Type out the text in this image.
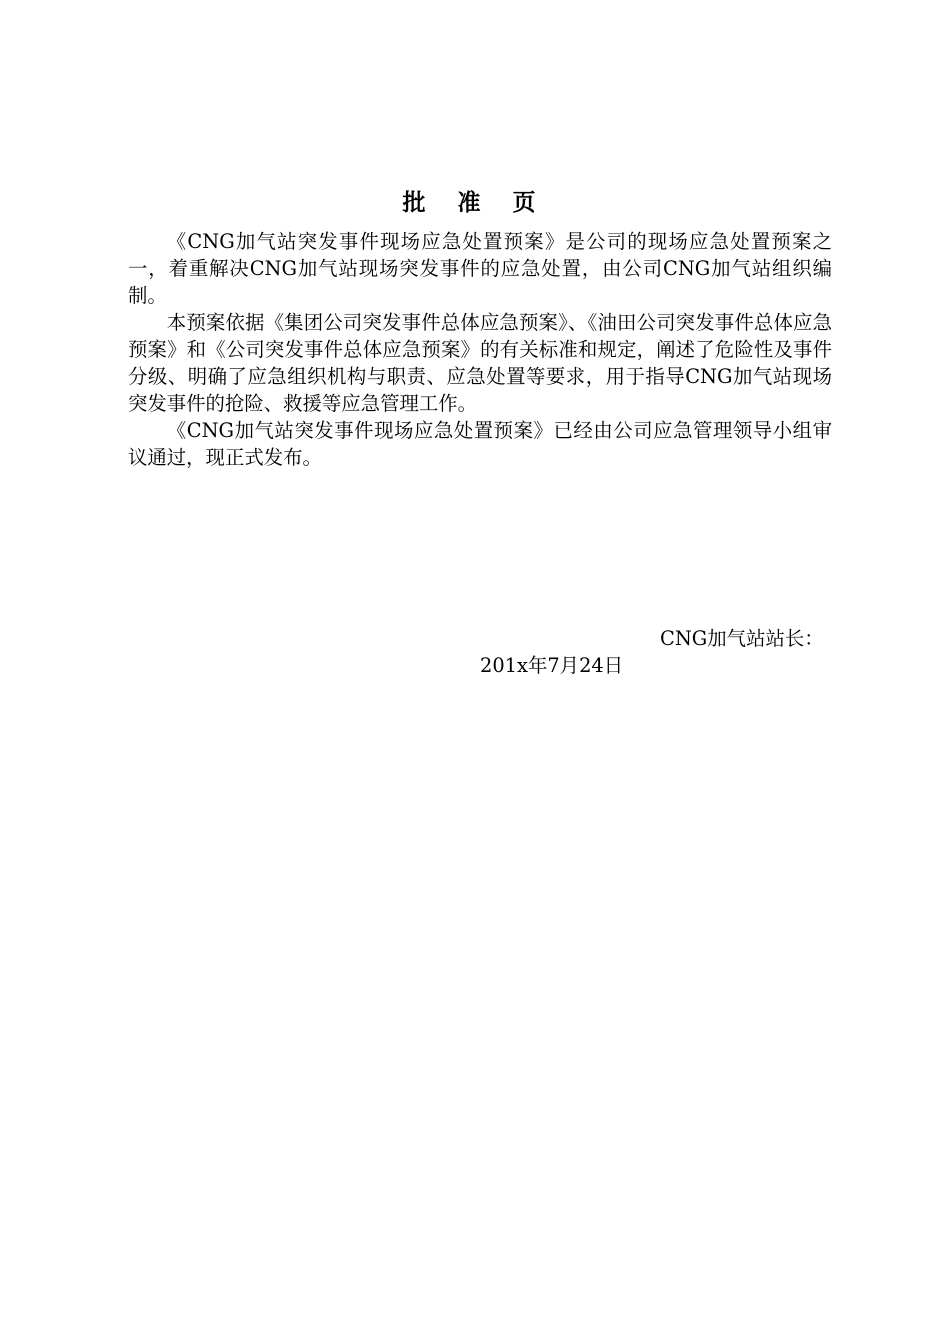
批 准 页

《CNG加气站突发事件现场应急处置预案》是公司的现场应急处置预案之一，着重解决CNG加气站现场突发事件的应急处置，由公司CNG加气站组织编制。

本预案依据《集团公司突发事件总体应急预案》、《油田公司突发事件总体应急预案》和《公司突发事件总体应急预案》的有关标准和规定，阐述了危险性及事件分级、明确了应急组织机构与职责、应急处置等要求，用于指导CNG加气站现场突发事件的抢险、救援等应急管理工作。

《CNG加气站突发事件现场应急处置预案》已经由公司应急管理领导小组审议通过，现正式发布。

CNG加气站站长：
201x年7月24日
